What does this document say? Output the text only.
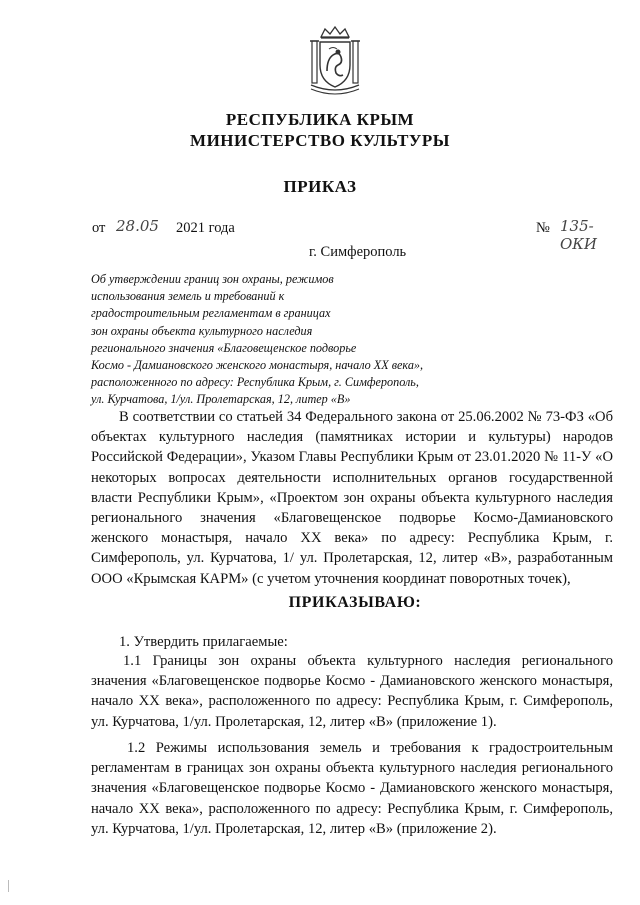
РЕСПУБЛИКА КРЫМ
МИНИСТЕРСТВО КУЛЬТУРЫ
ПРИКАЗ
от 28.05 2021 года	№ 135-ОКИ
г. Симферополь
Об утверждении границ зон охраны, режимов
использования земель и требований к
градостроительным регламентам в границах
зон охраны объекта культурного наследия
регионального значения «Благовещенское подворье
Космо - Дамиановского женского монастыря, начало XX века»,
расположенного по адресу: Республика Крым, г. Симферополь,
ул. Курчатова, 1/ул. Пролетарская, 12, литер «В»
В соответствии со статьей 34 Федерального закона от 25.06.2002 № 73-ФЗ «Об объектах культурного наследия (памятниках истории и культуры) народов Российской Федерации», Указом Главы Республики Крым от 23.01.2020 № 11-У «О некоторых вопросах деятельности исполнительных органов государственной власти Республики Крым», «Проектом зон охраны объекта культурного наследия регионального значения «Благовещенское подворье Космо-Дамиановского женского монастыря, начало XX века» по адресу: Республика Крым, г. Симферополь, ул. Курчатова, 1/ ул. Пролетарская, 12, литер «В», разработанным ООО «Крымская КАРМ» (с учетом уточнения координат поворотных точек),
ПРИКАЗЫВАЮ:
1. Утвердить прилагаемые:
1.1 Границы зон охраны объекта культурного наследия регионального значения «Благовещенское подворье Космо - Дамиановского женского монастыря, начало XX века», расположенного по адресу: Республика Крым, г. Симферополь, ул. Курчатова, 1/ул. Пролетарская, 12, литер «В» (приложение 1).
1.2 Режимы использования земель и требования к градостроительным регламентам в границах зон охраны объекта культурного наследия регионального значения «Благовещенское подворье Космо - Дамиановского женского монастыря, начало XX века», расположенного по адресу: Республика Крым, г. Симферополь, ул. Курчатова, 1/ул. Пролетарская, 12, литер «В» (приложение 2).
